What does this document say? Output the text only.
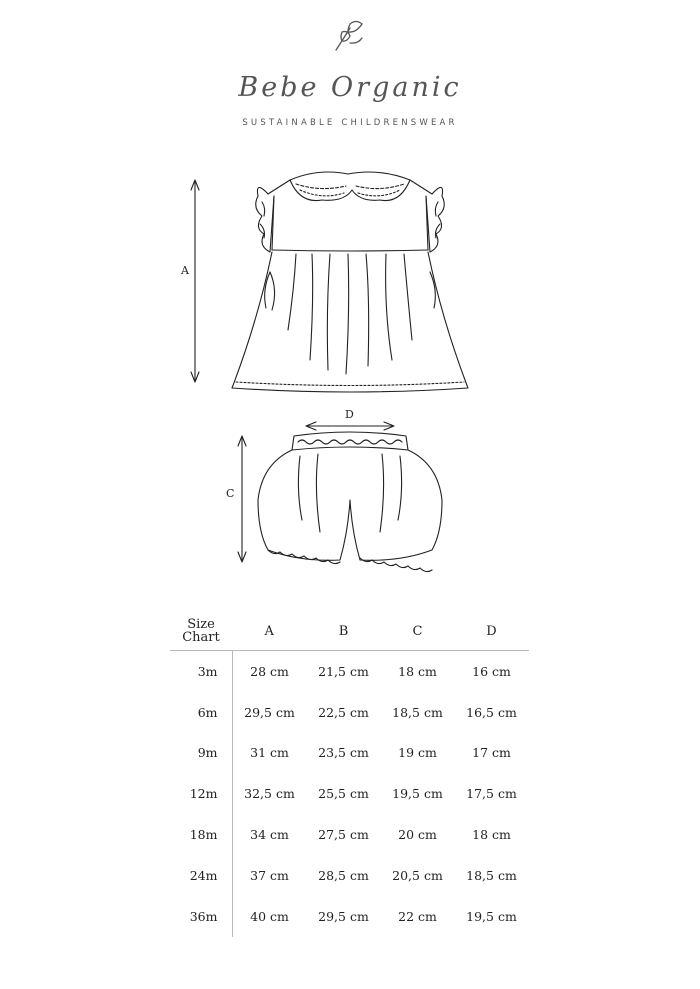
Bebe Organic
SUSTAINABLE CHILDRENSWEAR
A
C
D
Size
Chart	A	B	C	D
3m	28 cm	21,5 cm	18 cm	16 cm
6m	29,5 cm	22,5 cm	18,5 cm	16,5 cm
9m	31 cm	23,5 cm	19 cm	17 cm
12m	32,5 cm	25,5 cm	19,5 cm	17,5 cm
18m	34 cm	27,5 cm	20 cm	18 cm
24m	37 cm	28,5 cm	20,5 cm	18,5 cm
36m	40 cm	29,5 cm	22 cm	19,5 cm
